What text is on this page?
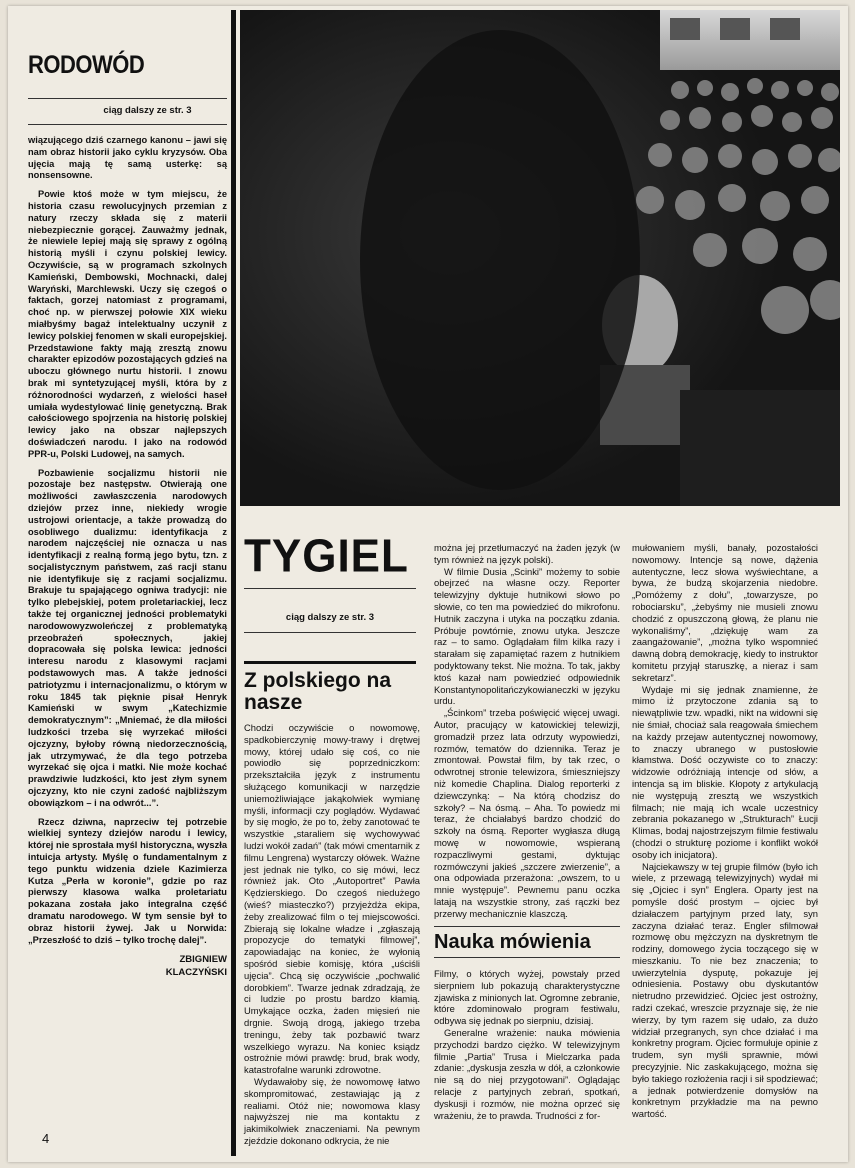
RODOWÓD
ciąg dalszy ze str. 3

wiązującego dziś czarnego kanonu – jawi się nam obraz historii jako cyklu kryzysów. Oba ujęcia mają tę samą usterkę: są nonsensowne.

Powie ktoś może w tym miejscu, że historia czasu rewolucyjnych przemian z natury rzeczy składa się z materii niebezpiecznie gorącej. Zauważmy jednak, że niewiele lepiej mają się sprawy z ogólną historią myśli i czynu polskiej lewicy. Oczywiście, są w programach szkolnych Kamieński, Dembowski, Mochnacki, dalej Waryński, Marchlewski. Uczy się czegoś o faktach, gorzej natomiast z programami, choć np. w pierwszej połowie XIX wieku miałbyśmy bagaż intelektualny uczynił z lewicy polskiej fenomen w skali europejskiej. Przedstawione fakty mają zresztą znowu charakter epizodów pozostających gdzieś na uboczu głównego nurtu historii. I znowu brak mi syntetyzującej myśli, która by z różnorodności wydarzeń, z wielości haseł umiała wydestylować linię genetyczną. Brak całościowego spojrzenia na historię polskiej lewicy jako na obszar najlepszych doświadczeń narodu. I jako na rodowód PPR-u, Polski Ludowej, na samych.

Pozbawienie socjalizmu historii nie pozostaje bez następstw. Otwierają one możliwości zawłaszczenia narodowych dziejów przez inne, niekiedy wrogie ustrojowi orientacje, a także prowadzą do osobliwego dualizmu: identyfikacja z narodem najczęściej nie oznacza u nas identyfikacji z realną formą jego bytu, tzn. z socjalistycznym państwem, zaś racji stanu nie identyfikuje się z racjami socjalizmu. Brakuje tu spajającego ogniwa tradycji: nie tylko plebejskiej, potem proletariackiej, lecz także tej organicznej jedności problematyki narodowowyzwoleńczej z problematyką przeobrażeń społecznych, jakiej dopracowała się polska lewica: jedności interesu narodu z klasowymi racjami podstawowych mas. A także jedności patriotyzmu i internacjonalizmu, o którym w roku 1845 tak pięknie pisał Henryk Kamieński w swym „Katechizmie demokratycznym”: „Mniemać, że dla miłości ludzkości trzeba się wyrzekać miłości ojczyzny, byłoby równą niedorzecznością, jak utrzymywać, że dla tego potrzeba wyrzekać się ojca i matki. Nie może kochać prawdziwie ludzkości, kto jest złym synem ojczyzny, kto nie czyni zadość najbliższym obowiązkom – i na odwrót...”.

Rzecz dziwna, naprzeciw tej potrzebie wielkiej syntezy dziejów narodu i lewicy, której nie sprostała myśl historyczna, wyszła intuicja artysty. Myślę o fundamentalnym z tego punktu widzenia dziele Kazimierza Kutza „Perła w koronie”, gdzie po raz pierwszy klasowa walka proletariatu pokazana została jako integralna część dramatu narodowego. W tym sensie był to obraz historii żywej. Jak u Norwida: „Przeszłość to dziś – tylko trochę dalej”.

ZBIGNIEW
KLACZYŃSKI
4
TYGIEL
ciąg dalszy ze str. 3
Z polskiego na nasze

Chodzi oczywiście o nowomowę, spadkobierczynię mowy-trawy i drętwej mowy, której udało się coś, co nie powiodło się poprzedniczkom: przekształciła język z instrumentu służącego komunikacji w narzędzie uniemożliwiające jakąkolwiek wymianę myśli, informacji czy poglądów. Wydawać by się mogło, że po to, żeby zanotować te wszystkie „staraliem się wychowywać ludzi wokół zadań” (tak mówi cmentarnik z filmu Lengrena) wystarczy ołówek. Ważne jest jednak nie tylko, co się mówi, lecz również jak. Oto „Autoportret” Pawła Kędzierskiego. Do czegoś niedużego (wieś? miasteczko?) przyjeżdża ekipa, żeby zrealizować film o tej miejscowości. Zbierają się lokalne władze i „zgłaszają propozycje do tematyki filmowej”, zapowiadając na koniec, że wyłonią spośród siebie komisję, która „uściśli ujęcia”. Chcą się oczywiście „pochwalić dorobkiem”. Twarze jednak zdradzają, że ci ludzie po prostu bardzo kłamią. Umykające oczka, żaden mięsień nie drgnie. Swoją drogą, jakiego trzeba treningu, żeby tak pozbawić twarz wszelkiego wyrazu. Na koniec ksiądz ostrożnie mówi prawdę: brud, brak wody, katastrofalne warunki zdrowotne.

Wydawałoby się, że nowomowę łatwo skompromitować, zestawiając ją z realiami. Otóż nie; nowomowa klasy najwyższej nie ma kontaktu z jakimikolwiek znaczeniami. Na pewnym zjeździe dokonano odkrycia, że nie

można jej przetłumaczyć na żaden język (w tym również na język polski).

W filmie Dusia „Scinki” możemy to sobie obejrzeć na własne oczy. Reporter telewizyjny dyktuje hutnikowi słowo po słowie, co ten ma powiedzieć do mikrofonu. Hutnik zaczyna i utyka na początku zdania. Próbuje powtórnie, znowu utyka. Jeszcze raz – to samo. Oglądałam film kilka razy i starałam się zapamiętać razem z hutnikiem podyktowany tekst. Nie można. To tak, jakby ktoś kazał nam powiedzieć odpowiednik Konstantynopolitańczykowianeczki w języku urdu.

„Ścinkom” trzeba poświęcić więcej uwagi. Autor, pracujący w katowickiej telewizji, gromadził przez lata odrzuty wypowiedzi, rozmów, tematów do dziennika. Teraz je zmontował. Powstał film, by tak rzec, o odwrotnej stronie telewizora, śmieszniejszy niż komedie Chaplina. Dialog reporterki z dziewczynką: – Na którą chodzisz do szkoły? – Na ósmą. – Aha. To powiedz mi teraz, że chciałabyś bardzo chodzić do szkoły na ósmą. Reporter wygłasza długą mowę w nowomowie, wspieraną rozpaczliwymi gestami, dyktując rozmówczyni jakieś „szczere zwierzenie”, a ona odpowiada przerażona: „owszem, to u mnie występuje”. Pewnemu panu oczka latają na wszystkie strony, zaś rączki bez przerwy mechanicznie klaszczą.

Nauka mówienia

Filmy, o których wyżej, powstały przed sierpniem lub pokazują charakterystyczne zjawiska z minionych lat. Ogromne zebranie, które zdominowało program festiwalu, odbywa się jednak po sierpniu, dzisiaj.

Generalne wrażenie: nauka mówienia przychodzi bardzo ciężko. W telewizyjnym filmie „Partia” Trusa i Mielczarka pada zdanie: „dyskusja zeszła w dół, a członkowie nie są do niej przygotowani”. Oglądając relacje z partyjnych zebrań, spotkań, dyskusji i rozmów, nie można oprzeć się wrażeniu, że to prawda. Trudności z for-

mułowaniem myśli, banały, pozostałości nowomowy. Intencje są nowe, dążenia autentyczne, lecz słowa wyświechtane, a bywa, że budzą skojarzenia niedobre. „Pomóżemy z dołu”, „towarzysze, po robociarsku”, „żebyśmy nie musieli znowu chodzić z opuszczoną głową, że planu nie wykonaliśmy”, „dziękuję wam za zaangażowanie”, „można tylko wspomnieć dawną dobrą demokrację, kiedy to instruktor komitetu przyjął staruszkę, a nieraz i sam sekretarz”.

Wydaje mi się jednak znamienne, że mimo iż przytoczone zdania są to niewątpliwie tzw. wpadki, nikt na widowni się nie śmiał, chociaż sala reagowała śmiechem na każdy przejaw autentycznej nowomowy, to znaczy ubranego w pustosłowie kłamstwa. Dość oczywiste co to znaczy: widzowie odróżniają intencje od słów, a intencja są im bliskie. Kłopoty z artykulacją nie występują zresztą we wszystkich filmach; nie mają ich wcale uczestnicy zebrania pokazanego w „Strukturach” Łucji Klimas, bodaj najostrzejszym filmie festiwalu (chodzi o strukturę poziome i konflikt wokół osoby ich inicjatora).

Najciekawszy w tej grupie filmów (było ich wiele, z przewagą telewizyjnych) wydał mi się „Ojciec i syn” Englera. Oparty jest na pomyśle dość prostym – ojciec był działaczem partyjnym przed laty, syn zaczyna działać teraz. Engler sfilmował rozmowę obu mężczyzn na dyskretnym tle rodziny, domowego życia toczącego się w mieszkaniu. To nie bez znaczenia; to uwierzytelnia dysputę, pokazuje jej odniesienia. Postawy obu dyskutantów nietrudno przewidzieć. Ojciec jest ostrożny, radzi czekać, wreszcie przyznaje się, że nie wierzy, by tym razem się udało, za dużo widział przegranych, syn chce działać i ma konkretny program. Ojciec formułuje opinie z trudem, syn myśli sprawnie, mówi precyzyjnie. Nic zaskakującego, można się było takiego rozłożenia racji i sił spodziewać; a jednak potwierdzenie domysłów na konkretnym przykładzie ma na pewno wartość.
